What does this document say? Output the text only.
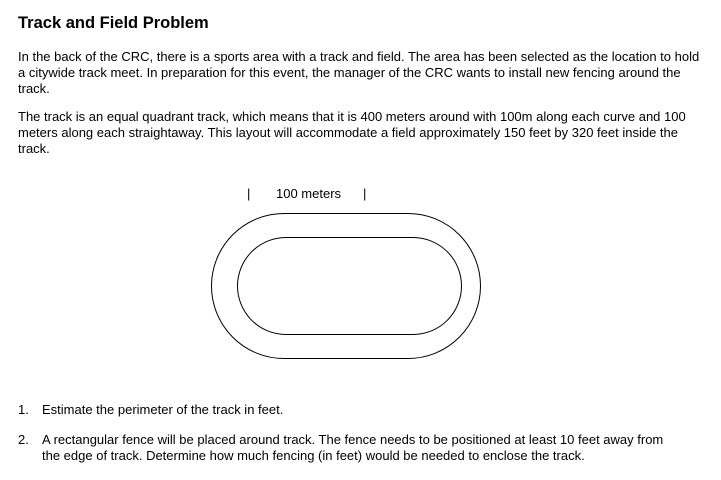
Track and Field Problem
In the back of the CRC, there is a sports area with a track and field. The area has been selected as the location to hold a citywide track meet. In preparation for this event, the manager of the CRC wants to install new fencing around the track.
The track is an equal quadrant track, which means that it is 400 meters around with 100m along each curve and 100 meters along each straightaway. This layout will accommodate a field approximately 150 feet by 320 feet inside the track.
| 100 meters |
1. Estimate the perimeter of the track in feet.
2. A rectangular fence will be placed around track. The fence needs to be positioned at least 10 feet away from the edge of track. Determine how much fencing (in feet) would be needed to enclose the track.
